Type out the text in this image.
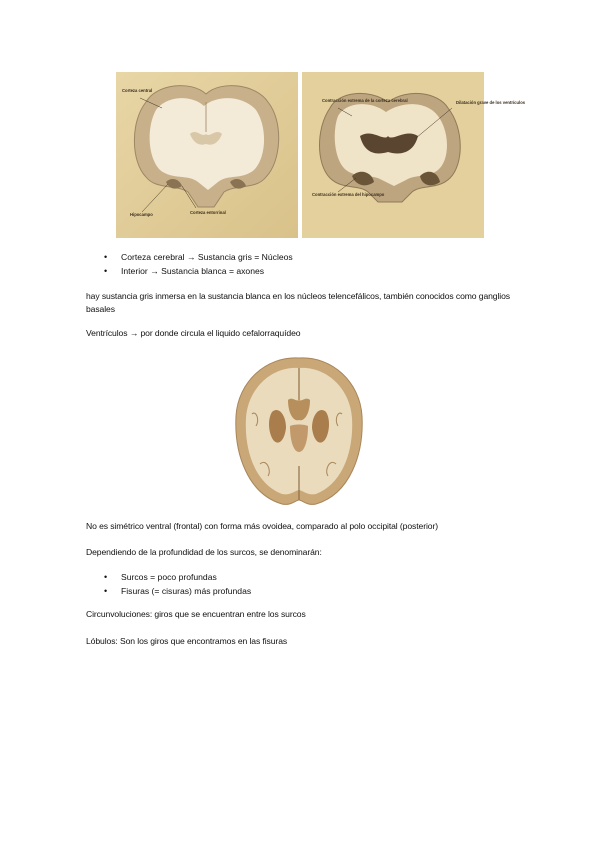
Corteza central
Hipocampo	Corteza entorrinal
Contracción extrema de la corteza cerebral	Dilatación grave de los ventrículos
Contracción extrema del hipocampo
• Corteza cerebral → Sustancia gris = Núcleos
• Interior → Sustancia blanca = axones
hay sustancia gris inmersa en la sustancia blanca en los núcleos telencefálicos, también conocidos como ganglios basales
Ventrículos → por donde circula el liquido cefalorraquídeo
No es simétrico ventral (frontal) con forma más ovoidea, comparado al polo occipital (posterior)
Dependiendo de la profundidad de los surcos, se denominarán:
• Surcos = poco profundas
• Fisuras (= cisuras) más profundas
Circunvoluciones: giros que se encuentran entre los surcos
Lóbulos: Son los giros que encontramos en las fisuras
